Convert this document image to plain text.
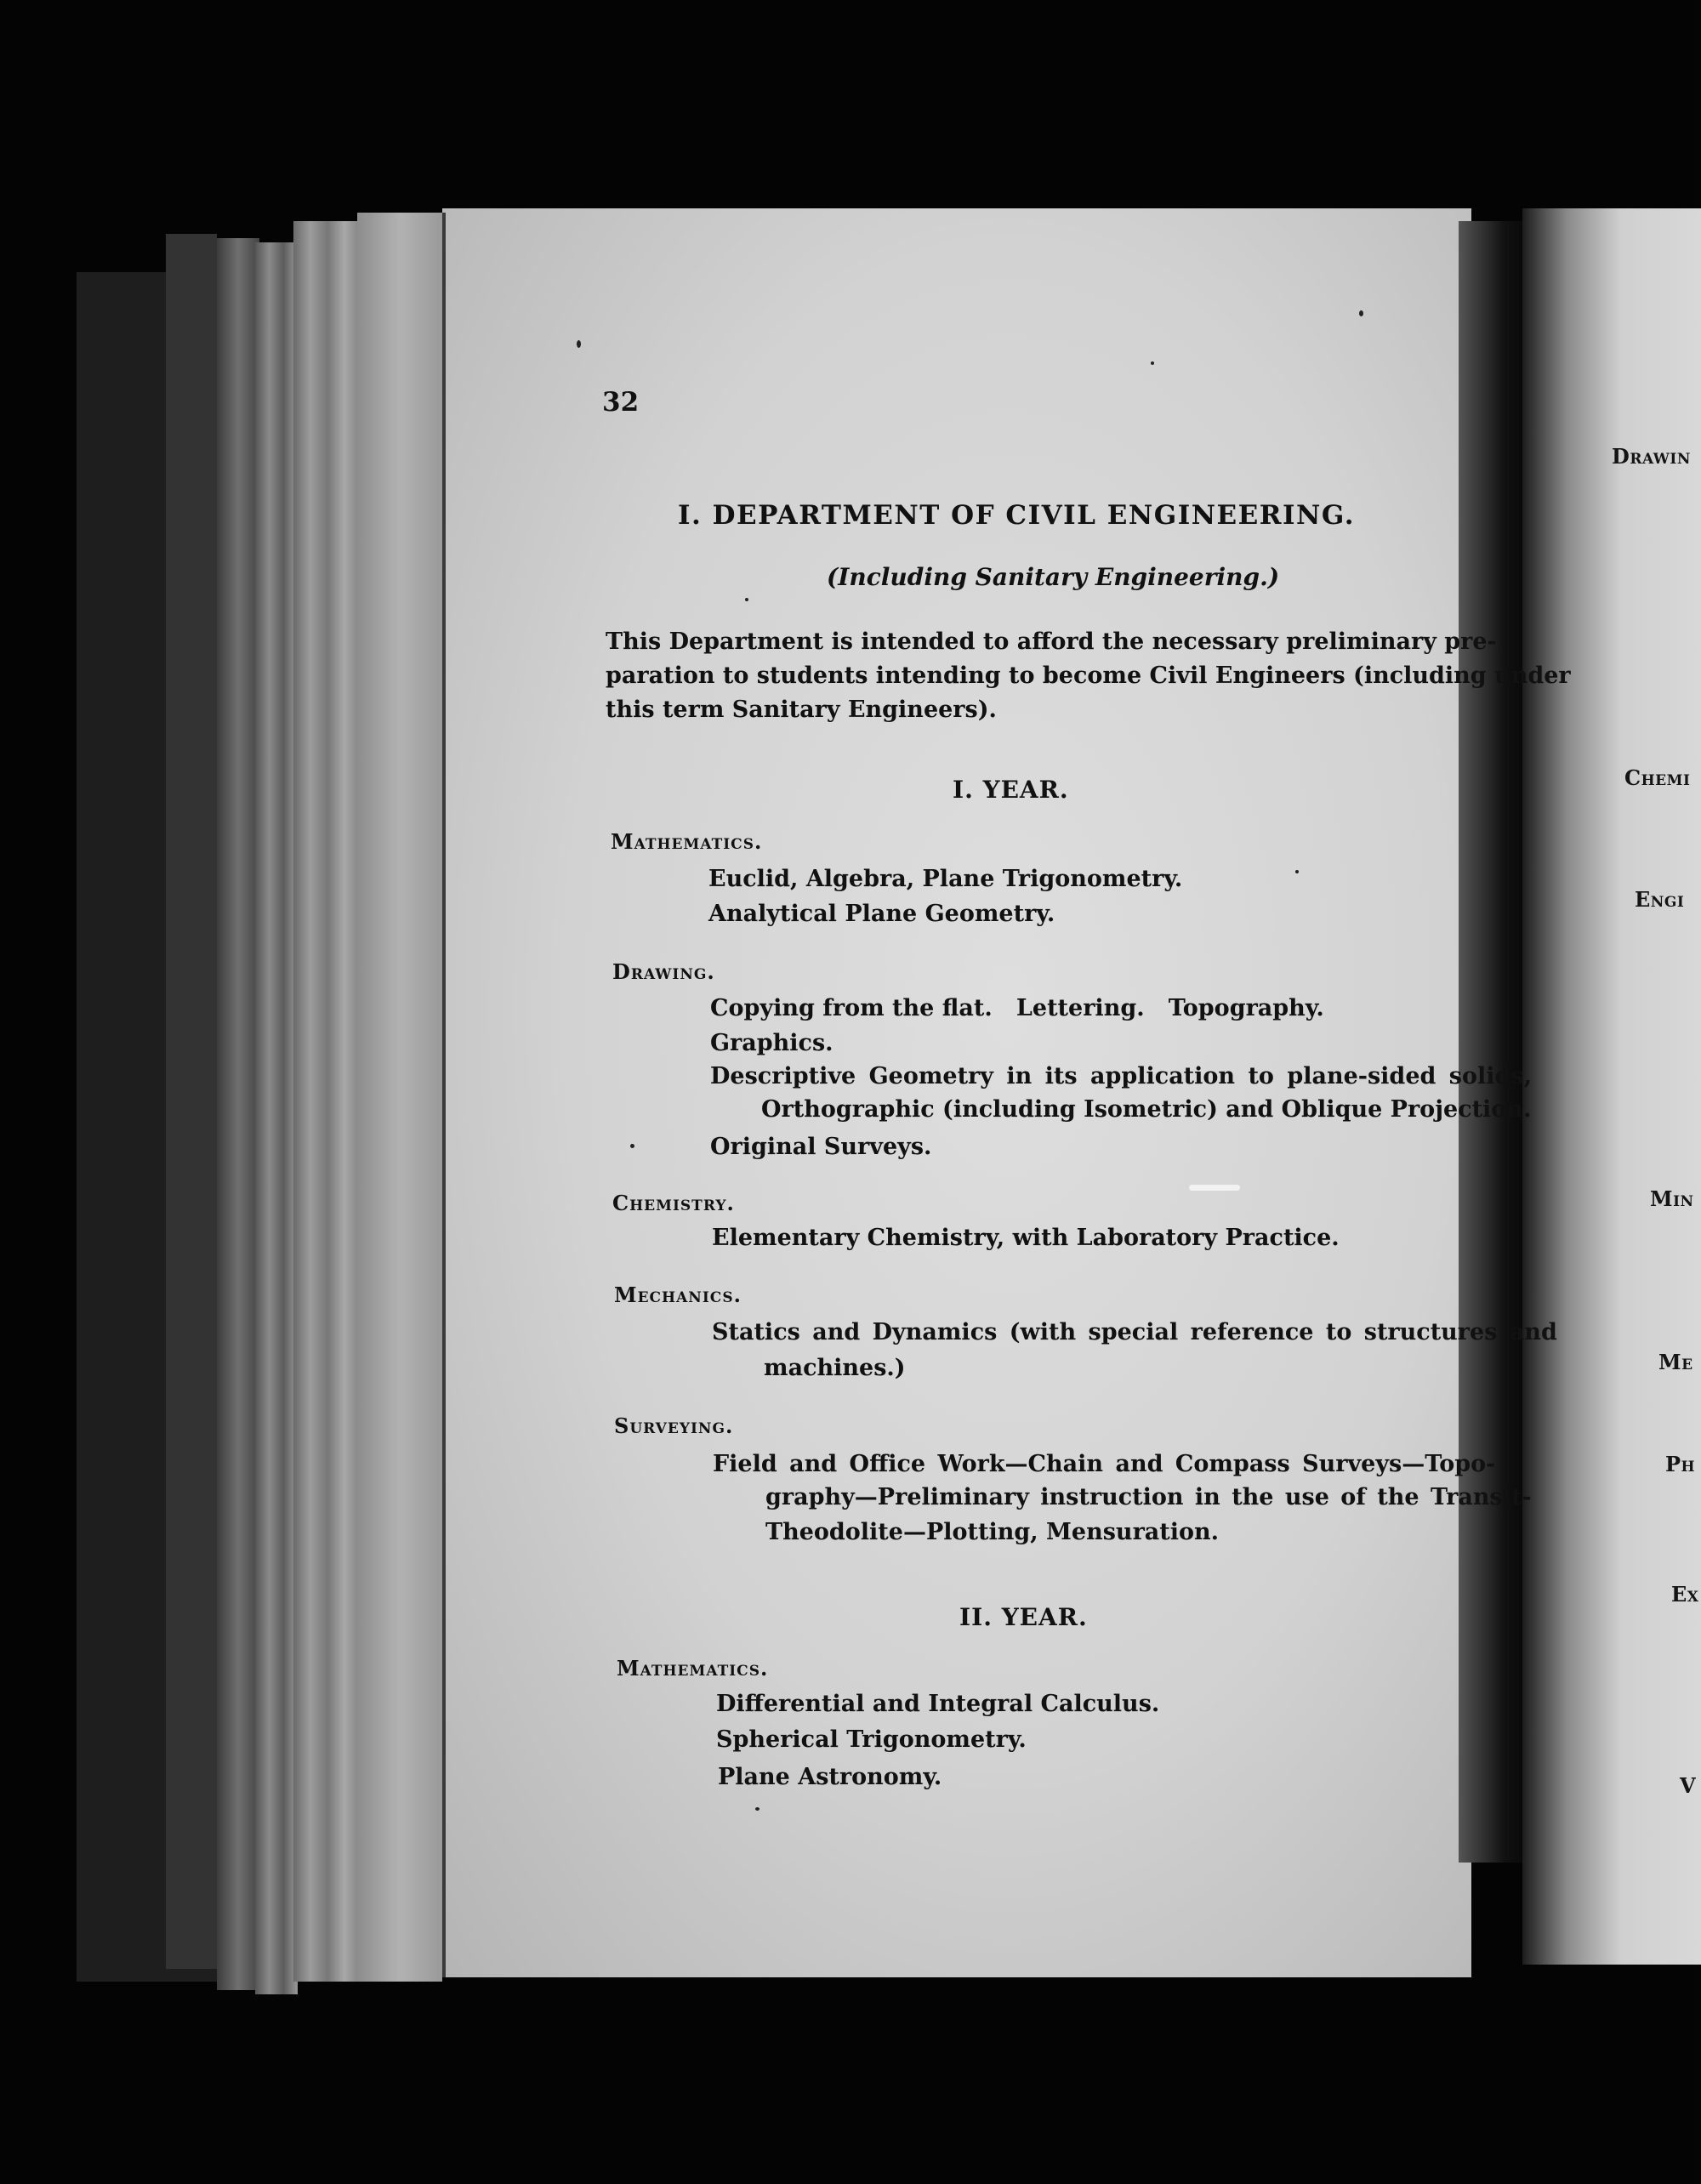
Drawin
Chemi
Engi
Min
Me
Ph
Ex
V
32
I. DEPARTMENT OF CIVIL ENGINEERING.
(Including Sanitary Engineering.)
This Department is intended to afford the necessary preliminary pre-
paration to students intending to become Civil Engineers (including under
this term Sanitary Engineers).
I. YEAR.
Mathematics.
Euclid, Algebra, Plane Trigonometry.
Analytical Plane Geometry.
Drawing.
Copying from the flat.   Lettering.   Topography.
Graphics.
Descriptive Geometry in its application to plane-sided solids,
Orthographic (including Isometric) and Oblique Projection.
Original Surveys.
Chemistry.
Elementary Chemistry, with Laboratory Practice.
Mechanics.
Statics and Dynamics (with special reference to structures and
machines.)
Surveying.
Field and Office Work—Chain and Compass Surveys—Topo-
graphy—Preliminary instruction in the use of the Transit-
Theodolite—Plotting, Mensuration.
II. YEAR.
Mathematics.
Differential and Integral Calculus.
Spherical Trigonometry.
Plane Astronomy.
